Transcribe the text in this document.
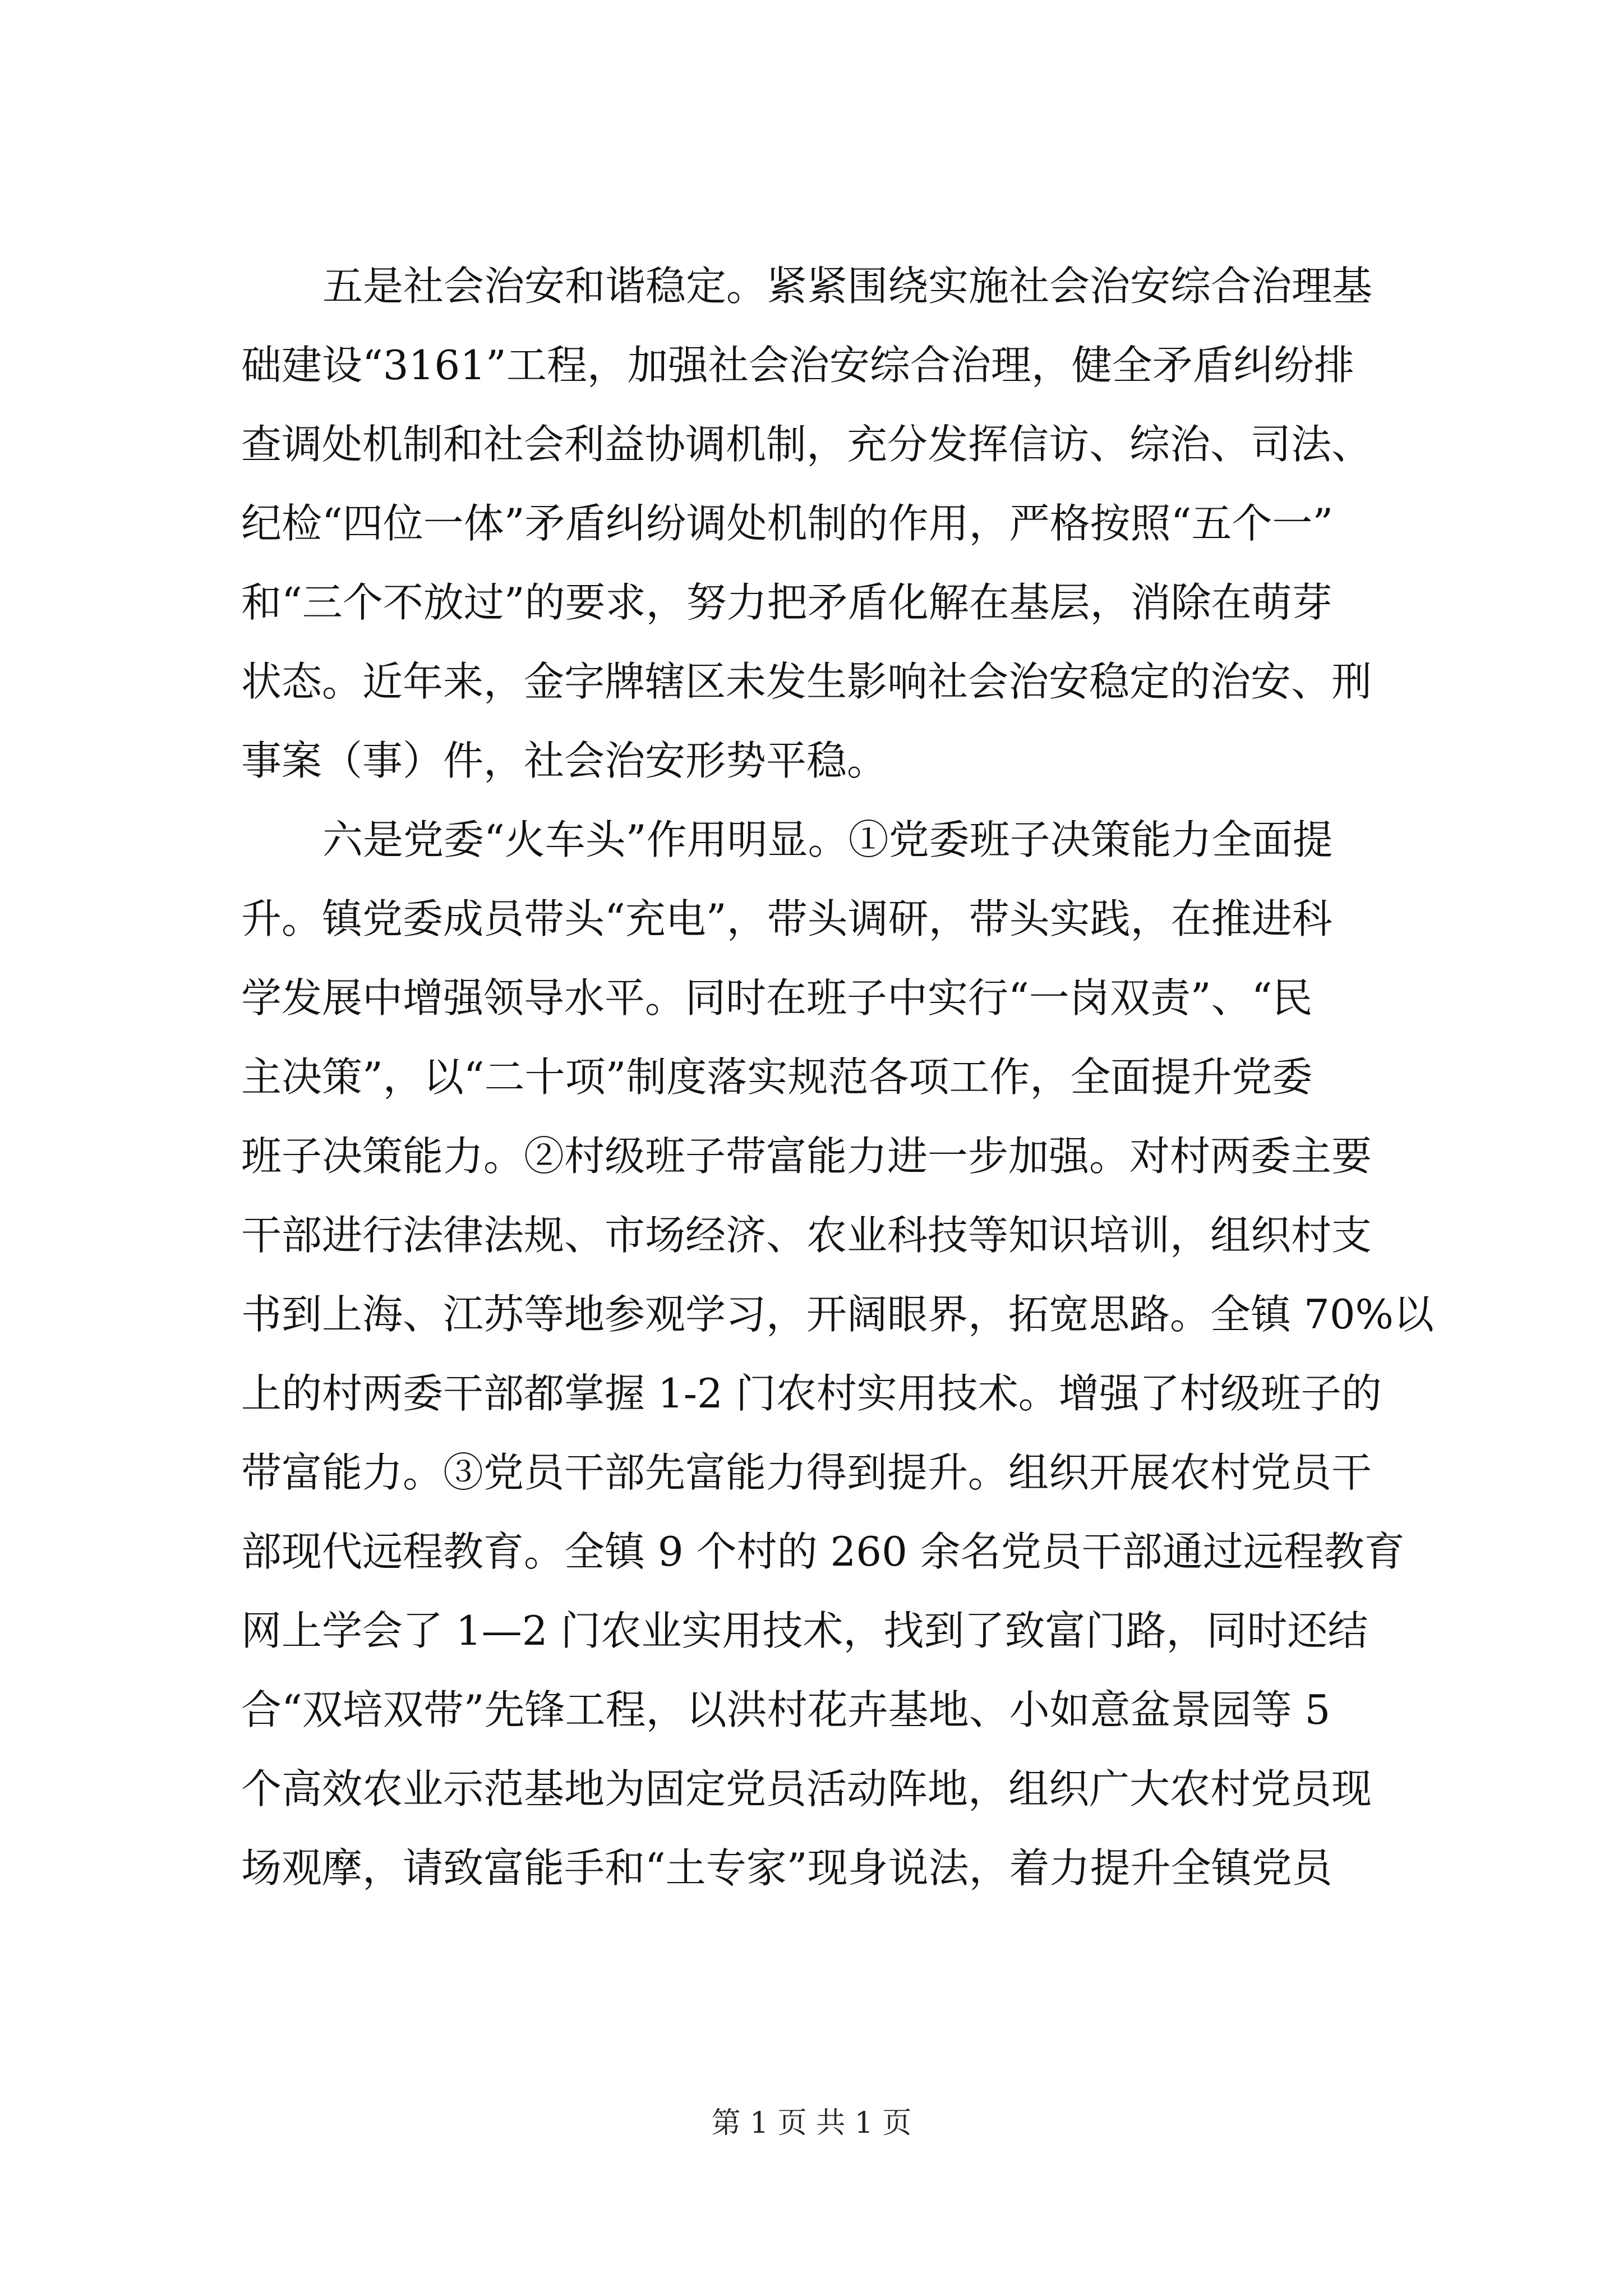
五是社会治安和谐稳定。紧紧围绕实施社会治安综合治理基
础建设“3161”工程，加强社会治安综合治理，健全矛盾纠纷排
查调处机制和社会利益协调机制，充分发挥信访、综治、司法、
纪检“四位一体”矛盾纠纷调处机制的作用，严格按照“五个一”
和“三个不放过”的要求，努力把矛盾化解在基层，消除在萌芽
状态。近年来，金字牌辖区未发生影响社会治安稳定的治安、刑
事案（事）件，社会治安形势平稳。
六是党委“火车头”作用明显。①党委班子决策能力全面提
升。镇党委成员带头“充电”，带头调研，带头实践，在推进科
学发展中增强领导水平。同时在班子中实行“一岗双责”、“民
主决策”，以“二十项”制度落实规范各项工作，全面提升党委
班子决策能力。②村级班子带富能力进一步加强。对村两委主要
干部进行法律法规、市场经济、农业科技等知识培训，组织村支
书到上海、江苏等地参观学习，开阔眼界，拓宽思路。全镇 70%以
上的村两委干部都掌握 1-2 门农村实用技术。增强了村级班子的
带富能力。③党员干部先富能力得到提升。组织开展农村党员干
部现代远程教育。全镇 9 个村的 260 余名党员干部通过远程教育
网上学会了 1—2 门农业实用技术，找到了致富门路，同时还结
合“双培双带”先锋工程，以洪村花卉基地、小如意盆景园等 5
个高效农业示范基地为固定党员活动阵地，组织广大农村党员现
场观摩，请致富能手和“土专家”现身说法，着力提升全镇党员
第 1 页 共 1 页
